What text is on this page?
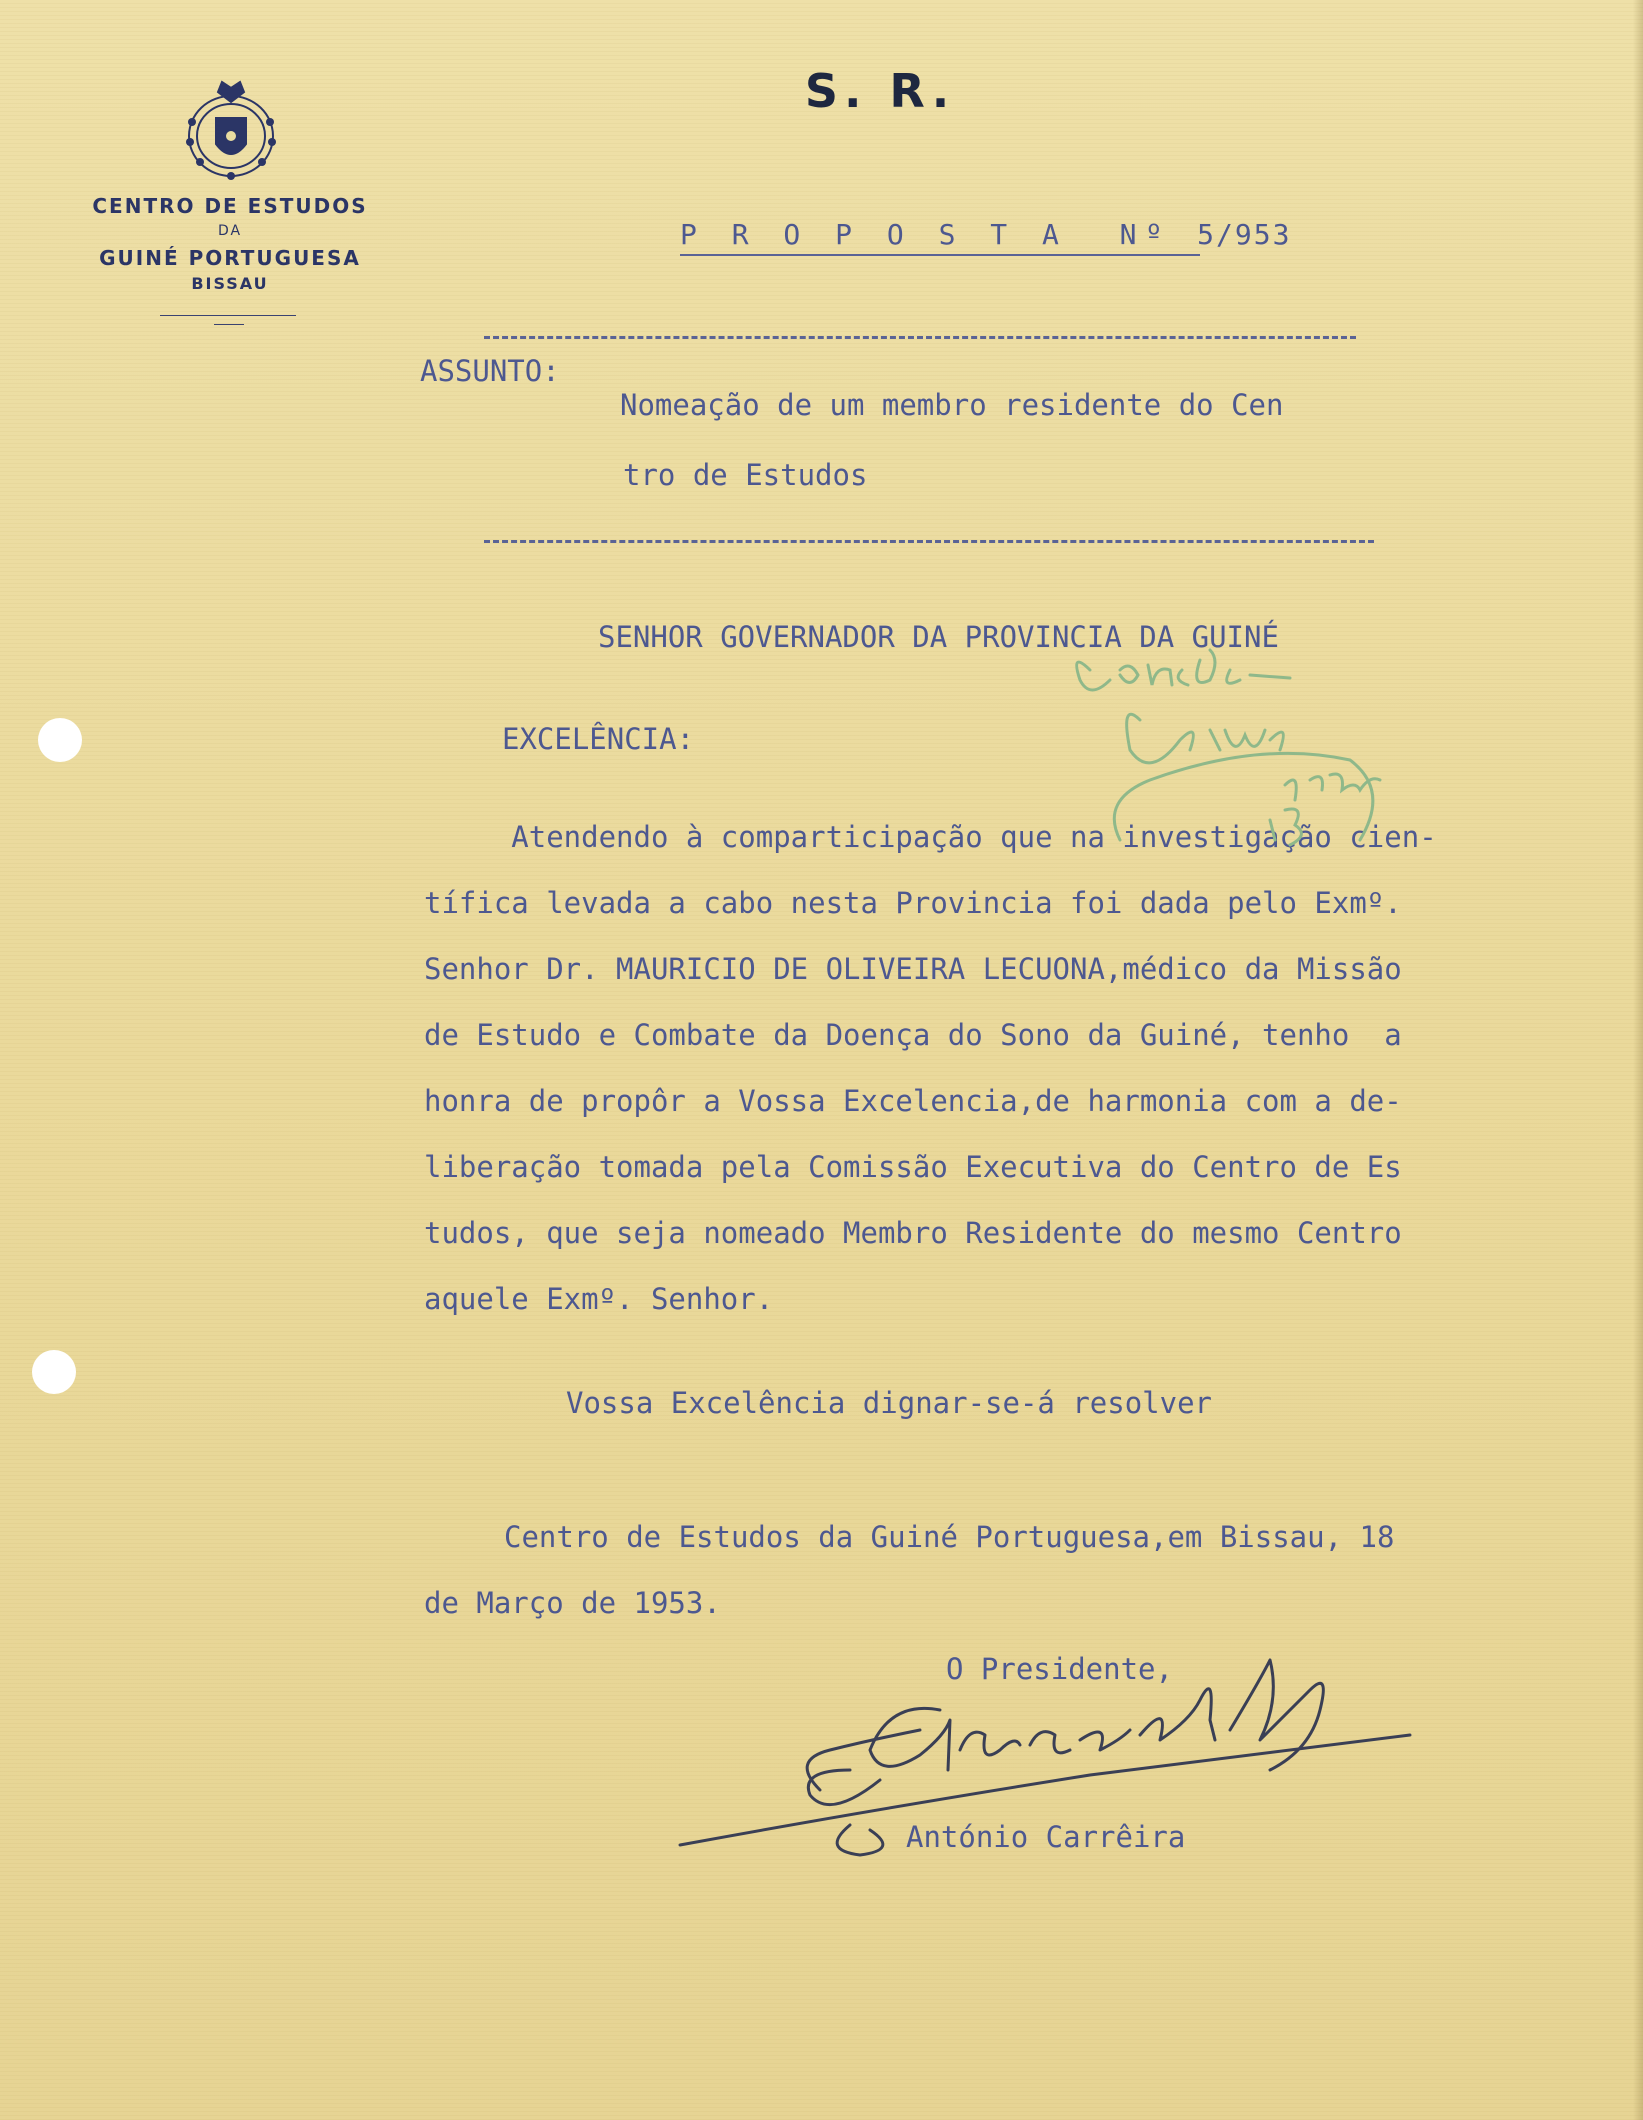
CENTRO DE ESTUDOS
DA
GUINÉ PORTUGUESA
BISSAU
S. R.
P R O P O S T A  Nº 5/953
ASSUNTO:
Nomeação de um membro residente do Cen
tro de Estudos
SENHOR GOVERNADOR DA PROVINCIA DA GUINÉ
EXCELÊNCIA:
Atendendo à comparticipação que na investigação cien-
tífica levada a cabo nesta Provincia foi dada pelo Exmº.
Senhor Dr. MAURICIO DE OLIVEIRA LECUONA,médico da Missão
de Estudo e Combate da Doença do Sono da Guiné, tenho  a
honra de propôr a Vossa Excelencia,de harmonia com a de-
liberação tomada pela Comissão Executiva do Centro de Es
tudos, que seja nomeado Membro Residente do mesmo Centro
aquele Exmº. Senhor.
Vossa Excelência dignar-se-á resolver
Centro de Estudos da Guiné Portuguesa,em Bissau, 18
de Março de 1953.
O Presidente,
António Carrêira
